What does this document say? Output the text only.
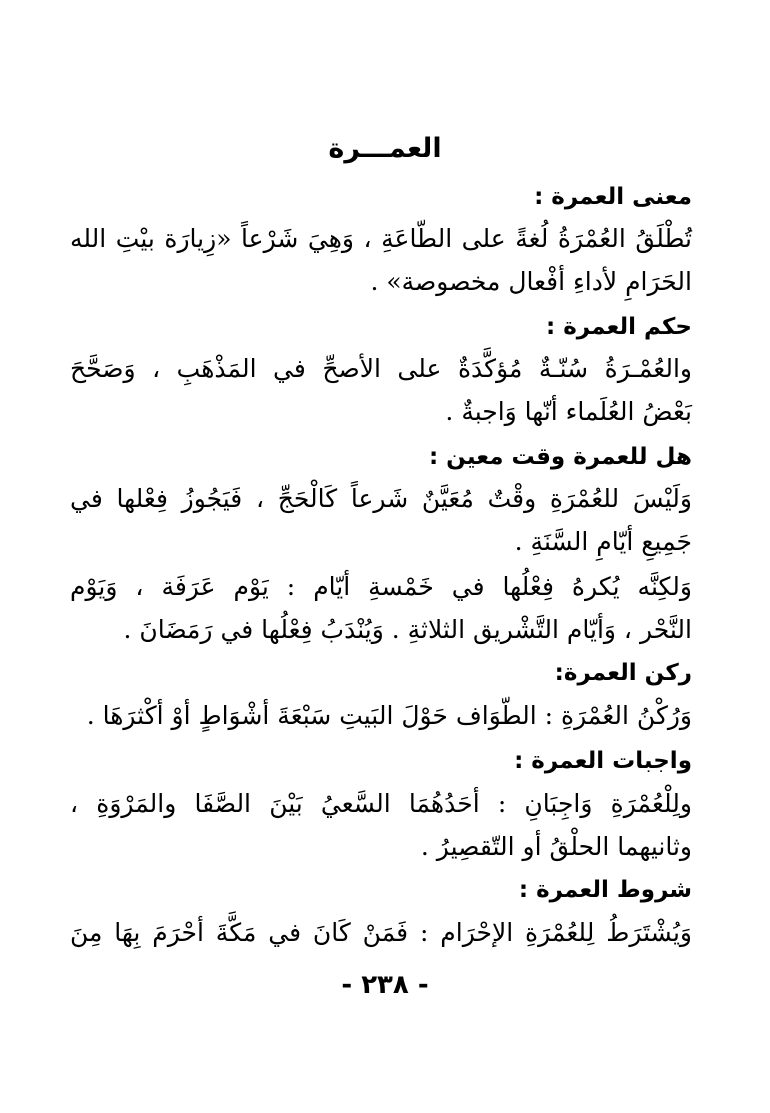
العمـــرة
معنى العمرة :
تُطْلَقُ العُمْرَةُ لُغةً على الطّاعَةِ ، وَهِيَ شَرْعاً «زِيارَة بيْتِ الله
الحَرَامِ لأداءِ أفْعال مخصوصة» .
حكم العمرة :
والعُمْـرَةُ سُنّـةٌ مُؤكَّدَةٌ على الأصحِّ في المَذْهَبِ ، وَصَحَّحَ
بَعْضُ العُلَماء أنّها وَاجبةٌ .
هل للعمرة وقت معين :
وَلَيْسَ للعُمْرَةِ وقْتٌ مُعَيَّنٌ شَرعاً كَالْحَجِّ ، فَيَجُوزُ فِعْلها في
جَمِيعِ أيّامِ السَّنَةِ .
وَلكِنَّه يُكرهُ فِعْلُها في خَمْسةِ أيّام : يَوْم عَرَفَة ، وَيَوْم
النَّحْر ، وَأيّام التَّشْريق الثلاثةِ . وَيُنْدَبُ فِعْلُها في رَمَضَانَ .
ركن العمرة:
وَرُكْنُ العُمْرَةِ : الطّوَاف حَوْلَ البَيتِ سَبْعَةَ أشْوَاطٍ أوْ أكْثرَهَا .
واجبات العمرة :
ولِلْعُمْرَةِ وَاجِبَانِ : أحَدُهُمَا السَّعيُ بَيْنَ الصَّفَا والمَرْوَةِ ،
وثانيهما الحلْقُ أو التّقصِيرُ .
شروط العمرة :
وَيُشْتَرَطُ لِلعُمْرَةِ الإحْرَام : فَمَنْ كَانَ في مَكَّةَ أحْرَمَ بِهَا مِنَ
- ٢٣٨ -
